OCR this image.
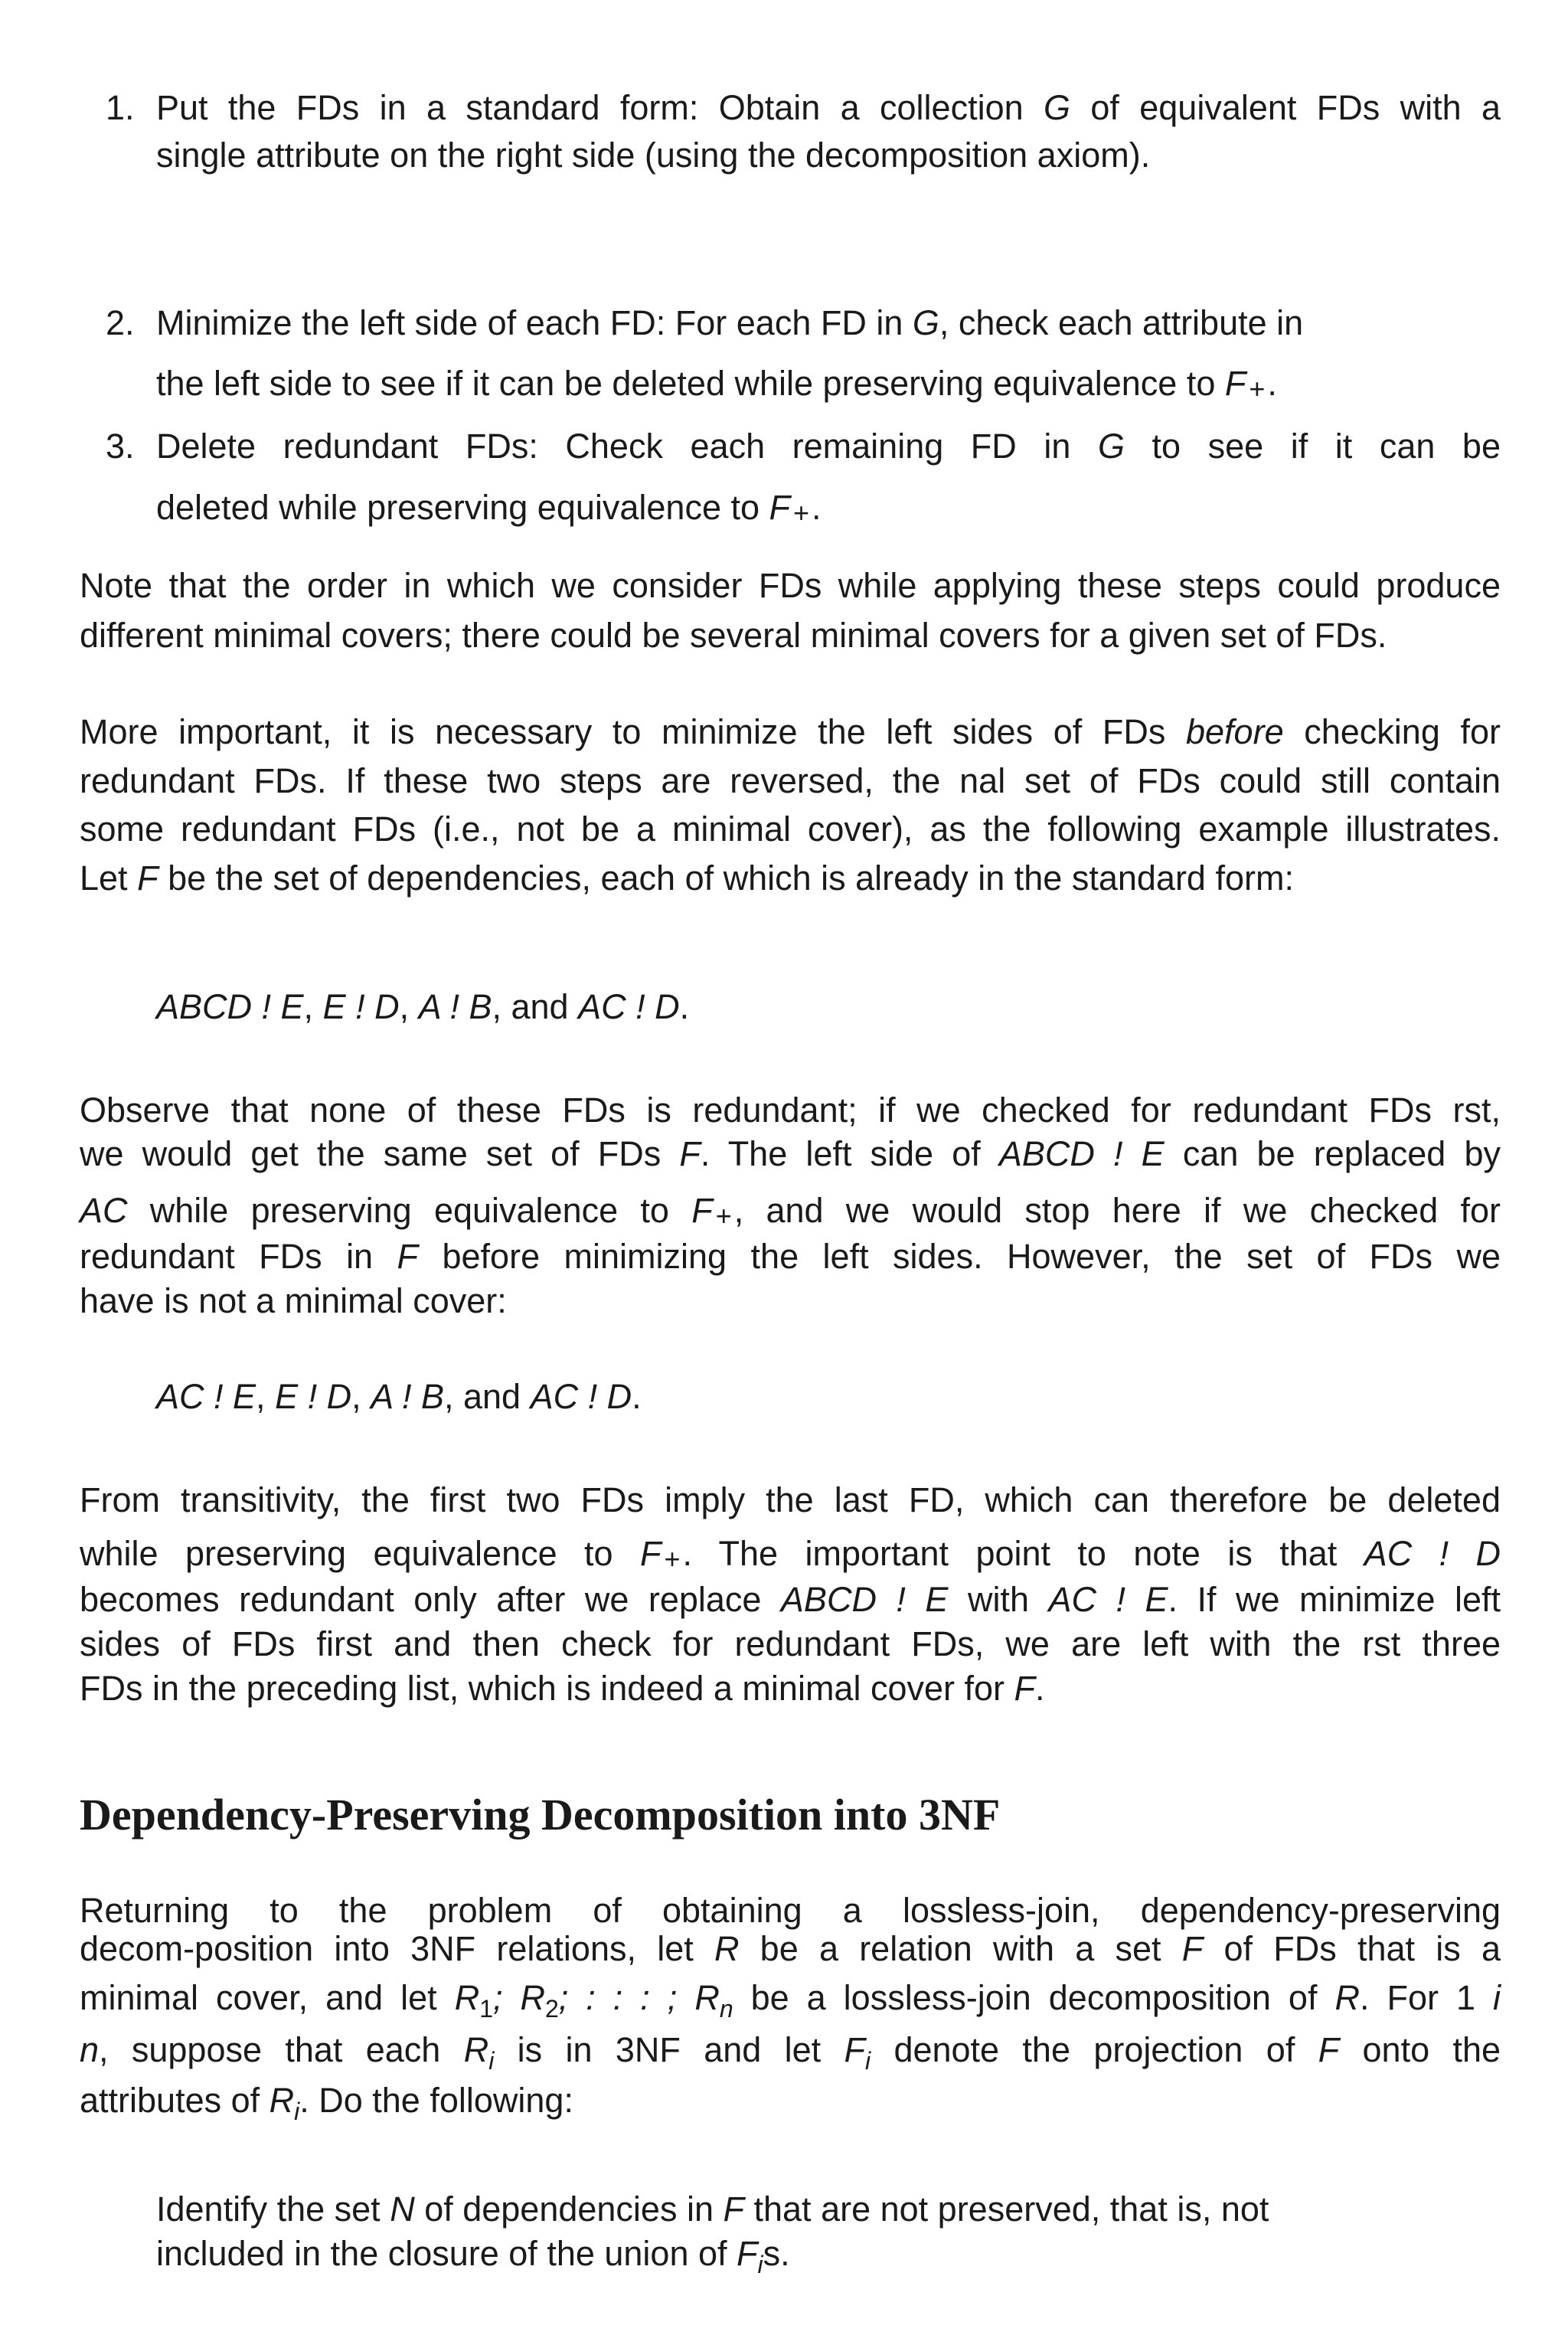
1. Put the FDs in a standard form: Obtain a collection G of equivalent FDs with a
single attribute on the right side (using the decomposition axiom).
2. Minimize the left side of each FD: For each FD in G, check each attribute in
the left side to see if it can be deleted while preserving equivalence to F + .
3. Delete redundant FDs: Check each remaining FD in G to see if it can be
deleted while preserving equivalence to F + .
Note that the order in which we consider FDs while applying these steps could produce
different minimal covers; there could be several minimal covers for a given set of FDs.
More important, it is necessary to minimize the left sides of FDs before checking for
redundant FDs. If these two steps are reversed, the nal set of FDs could still contain
some redundant FDs (i.e., not be a minimal cover), as the following example illustrates.
Let F be the set of dependencies, each of which is already in the standard form:
ABCD ! E, E ! D, A ! B, and AC ! D.
Observe that none of these FDs is redundant; if we checked for redundant FDs rst,
we would get the same set of FDs F. The left side of ABCD ! E can be replaced by
AC while preserving equivalence to F + , and we would stop here if we checked for
redundant FDs in F before minimizing the left sides. However, the set of FDs we
have is not a minimal cover:
AC ! E, E ! D, A ! B, and AC ! D.
From transitivity, the first two FDs imply the last FD, which can therefore be deleted
while preserving equivalence to F + . The important point to note is that AC ! D
becomes redundant only after we replace ABCD ! E with AC ! E. If we minimize left
sides of FDs first and then check for redundant FDs, we are left with the rst three
FDs in the preceding list, which is indeed a minimal cover for F.
Dependency-Preserving Decomposition into 3NF
Returning to the problem of obtaining a lossless-join, dependency-preserving
decom-position into 3NF relations, let R be a relation with a set F of FDs that is a
minimal cover, and let $R_1$; $R_2$; : : : ; $R_n$ be a lossless-join decomposition of R. For 1 i
n, suppose that each $R_i$ is in 3NF and let $F_i$ denote the projection of F onto the
attributes of $R_i$. Do the following:
Identify the set N of dependencies in F that are not preserved, that is, not
included in the closure of the union of $F_is$.
